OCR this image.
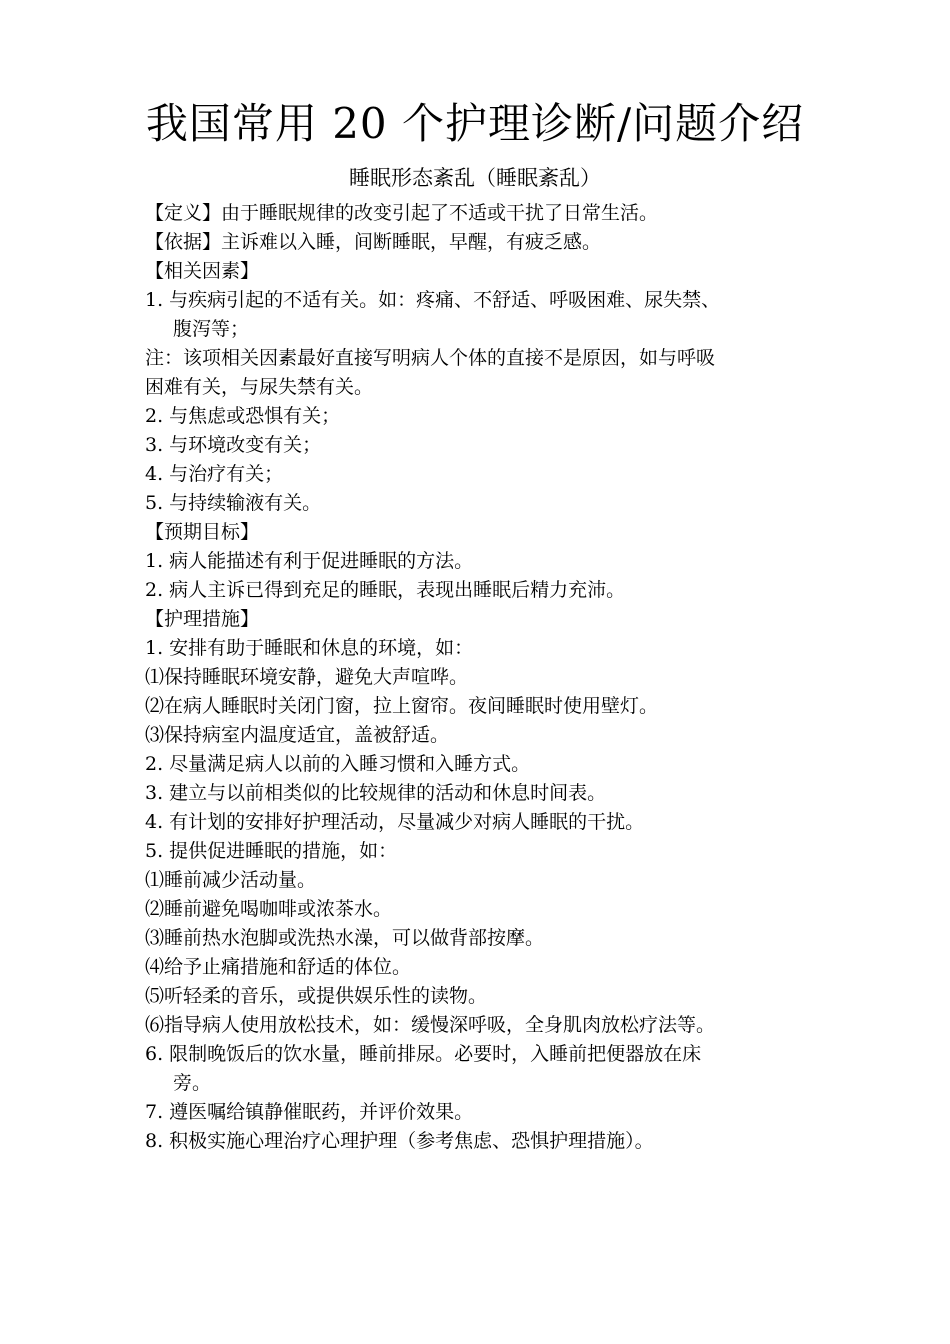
我国常用 20 个护理诊断/问题介绍
睡眠形态紊乱（睡眠紊乱）
【定义】由于睡眠规律的改变引起了不适或干扰了日常生活。
【依据】主诉难以入睡，间断睡眠，早醒，有疲乏感。
【相关因素】
1. 与疾病引起的不适有关。如：疼痛、不舒适、呼吸困难、尿失禁、
腹泻等；
注：该项相关因素最好直接写明病人个体的直接不是原因，如与呼吸
困难有关，与尿失禁有关。
2. 与焦虑或恐惧有关；
3. 与环境改变有关；
4. 与治疗有关；
5. 与持续输液有关。
【预期目标】
1. 病人能描述有利于促进睡眠的方法。
2. 病人主诉已得到充足的睡眠，表现出睡眠后精力充沛。
【护理措施】
1. 安排有助于睡眠和休息的环境，如：
⑴保持睡眠环境安静，避免大声喧哗。
⑵在病人睡眠时关闭门窗，拉上窗帘。夜间睡眠时使用壁灯。
⑶保持病室内温度适宜，盖被舒适。
2. 尽量满足病人以前的入睡习惯和入睡方式。
3. 建立与以前相类似的比较规律的活动和休息时间表。
4. 有计划的安排好护理活动，尽量减少对病人睡眠的干扰。
5. 提供促进睡眠的措施，如：
⑴睡前减少活动量。
⑵睡前避免喝咖啡或浓茶水。
⑶睡前热水泡脚或洗热水澡，可以做背部按摩。
⑷给予止痛措施和舒适的体位。
⑸听轻柔的音乐，或提供娱乐性的读物。
⑹指导病人使用放松技术，如：缓慢深呼吸，全身肌肉放松疗法等。
6. 限制晚饭后的饮水量，睡前排尿。必要时，入睡前把便器放在床
旁。
7. 遵医嘱给镇静催眠药，并评价效果。
8. 积极实施心理治疗心理护理（参考焦虑、恐惧护理措施）。
